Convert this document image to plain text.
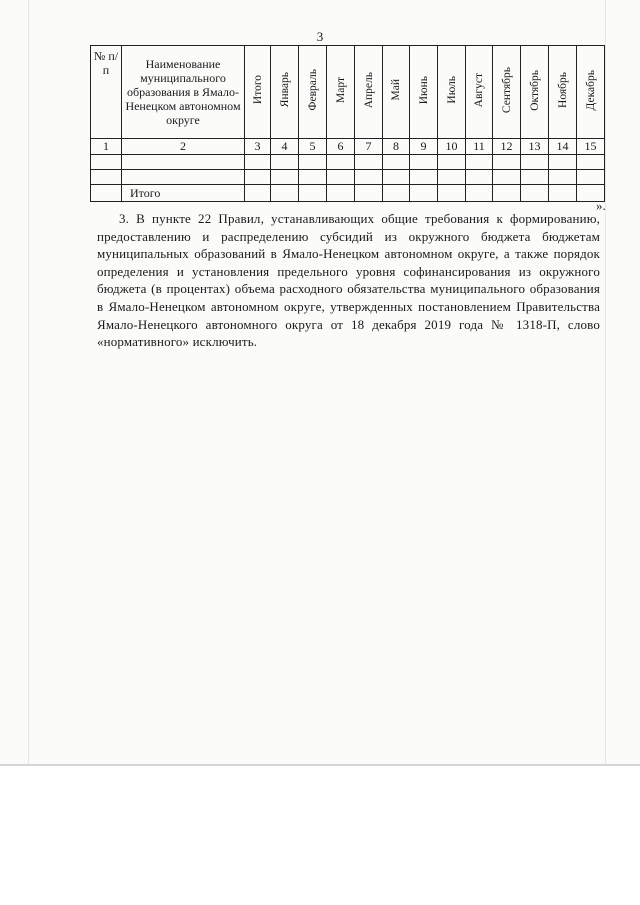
3
№ п/п	Наименование муниципального образования в Ямало-Ненецком автономном округе	Итого	Январь	Февраль	Март	Апрель	Май	Июнь	Июль	Август	Сентябрь	Октябрь	Ноябрь	Декабрь
1	2	3	4	5	6	7	8	9	10	11	12	13	14	15

	Итого													
».
3. В пункте 22 Правил, устанавливающих общие требования к формированию, предоставлению и распределению субсидий из окружного бюджета бюджетам муниципальных образований в Ямало-Ненецком автономном округе, а также порядок определения и установления предельного уровня софинансирования из окружного бюджета (в процентах) объема расходного обязательства муниципального образования в Ямало-Ненецком автономном округе, утвержденных постановлением Правительства Ямало-Ненецкого автономного округа от 18 декабря 2019 года № 1318-П, слово «нормативного» исключить.
